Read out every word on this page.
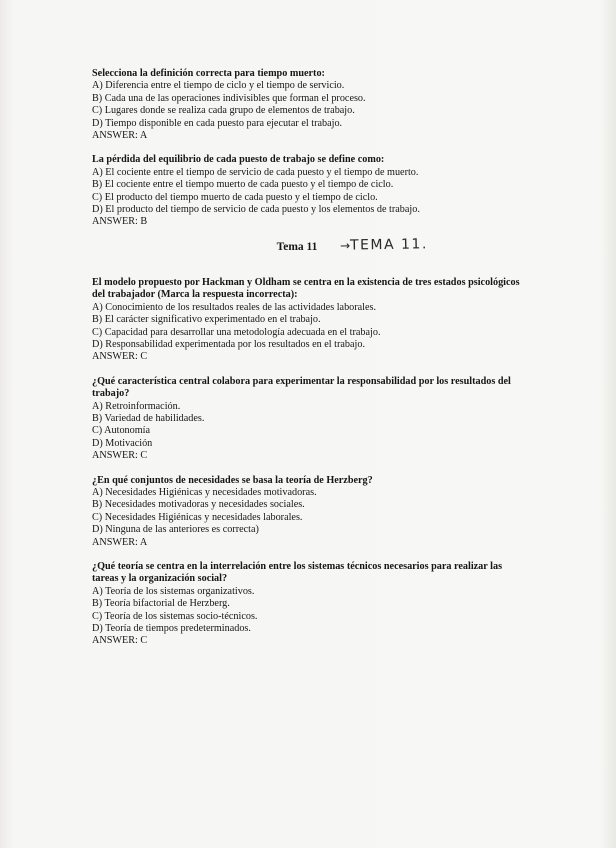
Selecciona la definición correcta para tiempo muerto:
A) Diferencia entre el tiempo de ciclo y el tiempo de servicio.
B) Cada una de las operaciones indivisibles que forman el proceso.
C) Lugares donde se realiza cada grupo de elementos de trabajo.
D) Tiempo disponible en cada puesto para ejecutar el trabajo.
ANSWER: A
La pérdida del equilibrio de cada puesto de trabajo se define como:
A) El cociente entre el tiempo de servicio de cada puesto y el tiempo de muerto.
B) El cociente entre el tiempo muerto de cada puesto y el tiempo de ciclo.
C) El producto del tiempo muerto de cada puesto y el tiempo de ciclo.
D) El producto del tiempo de servicio de cada puesto y los elementos de trabajo.
ANSWER: B
Tema 11 → TEMA 11.
El modelo propuesto por Hackman y Oldham se centra en la existencia de tres estados psicológicos del trabajador (Marca la respuesta incorrecta):
A) Conocimiento de los resultados reales de las actividades laborales.
B) El carácter significativo experimentado en el trabajo.
C) Capacidad para desarrollar una metodología adecuada en el trabajo.
D) Responsabilidad experimentada por los resultados en el trabajo.
ANSWER: C
¿Qué característica central colabora para experimentar la responsabilidad por los resultados del trabajo?
A) Retroinformación.
B) Variedad de habilidades.
C) Autonomía
D) Motivación
ANSWER: C
¿En qué conjuntos de necesidades se basa la teoría de Herzberg?
A) Necesidades Higiénicas y necesidades motivadoras.
B) Necesidades motivadoras y necesidades sociales.
C) Necesidades Higiénicas y necesidades laborales.
D) Ninguna de las anteriores es correcta)
ANSWER: A
¿Qué teoría se centra en la interrelación entre los sistemas técnicos necesarios para realizar las tareas y la organización social?
A) Teoría de los sistemas organizativos.
B) Teoría bifactorial de Herzberg.
C) Teoría de los sistemas socio-técnicos.
D) Teoría de tiempos predeterminados.
ANSWER: C
